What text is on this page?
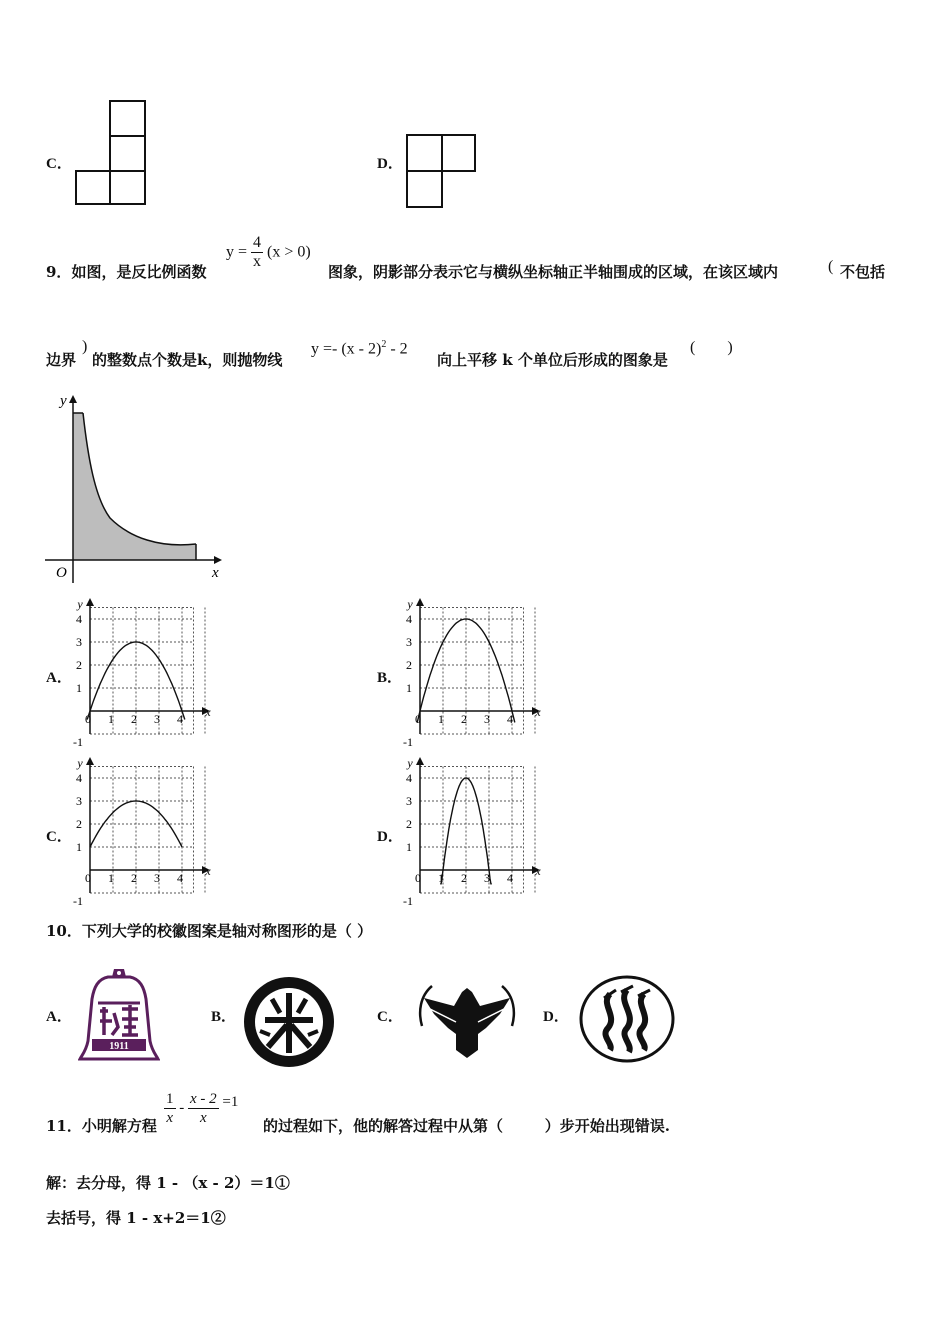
C．	D．
9．如图，是反比例函数
$y = \frac{4}{x} (x > 0)$
图象，阴影部分表示它与横纵坐标轴正半轴围成的区域，在该区域内	( 不包括
边界
)
的整数点个数是k，则抛物线
y =- (x - 2)$^2$ - 2
向上平移 k 个单位后形成的图象是
(        )
y
x
O
A．
y
x
4
3
2
1
0 1 2 3 4
-1
B．
y
x
4
3
2
1
0 1 2 3 4
-1
C．
y
x
4
3
2
1
0 1 2 3 4
-1
D．
y
x
4
3
2
1
0 1 2 3 4
-1
10．下列大学的校徽图案是轴对称图形的是（ ）
A．
1911
B．	C．	D．
11．小明解方程 $\frac{1}{x} - \frac{x - 2}{x} =1$
的过程如下，他的解答过程中从第（        ）步开始出现错误.
解：去分母，得 1 - （x - 2）＝1①
去括号，得 1 - x+2＝1②
